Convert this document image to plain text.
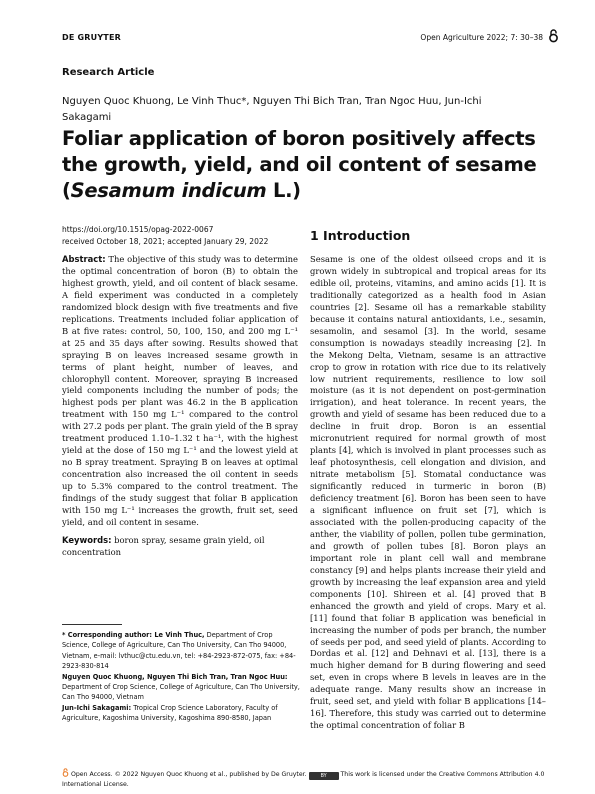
DE GRUYTER	Open Agriculture 2022; 7: 30–38
Research Article
Nguyen Quoc Khuong, Le Vinh Thuc*, Nguyen Thi Bich Tran, Tran Ngoc Huu, Jun-Ichi Sakagami
Foliar application of boron positively affects the growth, yield, and oil content of sesame (Sesamum indicum L.)
https://doi.org/10.1515/opag-2022-0067
received October 18, 2021; accepted January 29, 2022
Abstract: The objective of this study was to determine the optimal concentration of boron (B) to obtain the highest growth, yield, and oil content of black sesame. A field experiment was conducted in a completely randomized block design with five treatments and five replications. Treatments included foliar application of B at five rates: control, 50, 100, 150, and 200 mg L⁻¹ at 25 and 35 days after sowing. Results showed that spraying B on leaves increased sesame growth in terms of plant height, number of leaves, and chlorophyll content. Moreover, spraying B increased yield components including the number of pods; the highest pods per plant was 46.2 in the B application treatment with 150 mg L⁻¹ compared to the control with 27.2 pods per plant. The grain yield of the B spray treatment produced 1.10–1.32 t ha⁻¹, with the highest yield at the dose of 150 mg L⁻¹ and the lowest yield at no B spray treatment. Spraying B on leaves at optimal concentration also increased the oil content in seeds up to 5.3% compared to the control treatment. The findings of the study suggest that foliar B application with 150 mg L⁻¹ increases the growth, fruit set, seed yield, and oil content in sesame.
Keywords: boron spray, sesame grain yield, oil concentration
* Corresponding author: Le Vinh Thuc, Department of Crop Science, College of Agriculture, Can Tho University, Can Tho 94000, Vietnam, e-mail: lvthuc@ctu.edu.vn, tel: +84-2923-872-075, fax: +84-2923-830-814
Nguyen Quoc Khuong, Nguyen Thi Bich Tran, Tran Ngoc Huu: Department of Crop Science, College of Agriculture, Can Tho University, Can Tho 94000, Vietnam
Jun-Ichi Sakagami: Tropical Crop Science Laboratory, Faculty of Agriculture, Kagoshima University, Kagoshima 890-8580, Japan
1 Introduction
Sesame is one of the oldest oilseed crops and it is grown widely in subtropical and tropical areas for its edible oil, proteins, vitamins, and amino acids [1]. It is traditionally categorized as a health food in Asian countries [2]. Sesame oil has a remarkable stability because it contains natural antioxidants, i.e., sesamin, sesamolin, and sesamol [3]. In the world, sesame consumption is nowadays steadily increasing [2]. In the Mekong Delta, Vietnam, sesame is an attractive crop to grow in rotation with rice due to its relatively low nutrient requirements, resilience to low soil moisture (as it is not dependent on post-germination irrigation), and heat tolerance. In recent years, the growth and yield of sesame has been reduced due to a decline in fruit drop. Boron is an essential micronutrient required for normal growth of most plants [4], which is involved in plant processes such as leaf photosynthesis, cell elongation and division, and nitrate metabolism [5]. Stomatal conductance was significantly reduced in turmeric in boron (B) deficiency treatment [6]. Boron has been seen to have a significant influence on fruit set [7], which is associated with the pollen-producing capacity of the anther, the viability of pollen, pollen tube germination, and growth of pollen tubes [8]. Boron plays an important role in plant cell wall and membrane constancy [9] and helps plants increase their yield and growth by increasing the leaf expansion area and yield components [10]. Shireen et al. [4] proved that B enhanced the growth and yield of crops. Mary et al. [11] found that foliar B application was beneficial in increasing the number of pods per branch, the number of seeds per pod, and seed yield of plants. According to Dordas et al. [12] and Dehnavi et al. [13], there is a much higher demand for B during flowering and seed set, even in crops where B levels in leaves are in the adequate range. Many results show an increase in fruit, seed set, and yield with foliar B applications [14–16]. Therefore, this study was carried out to determine the optimal concentration of foliar B
Open Access. © 2022 Nguyen Quoc Khuong et al., published by De Gruyter.	BY This work is licensed under the Creative Commons Attribution 4.0 International License.
